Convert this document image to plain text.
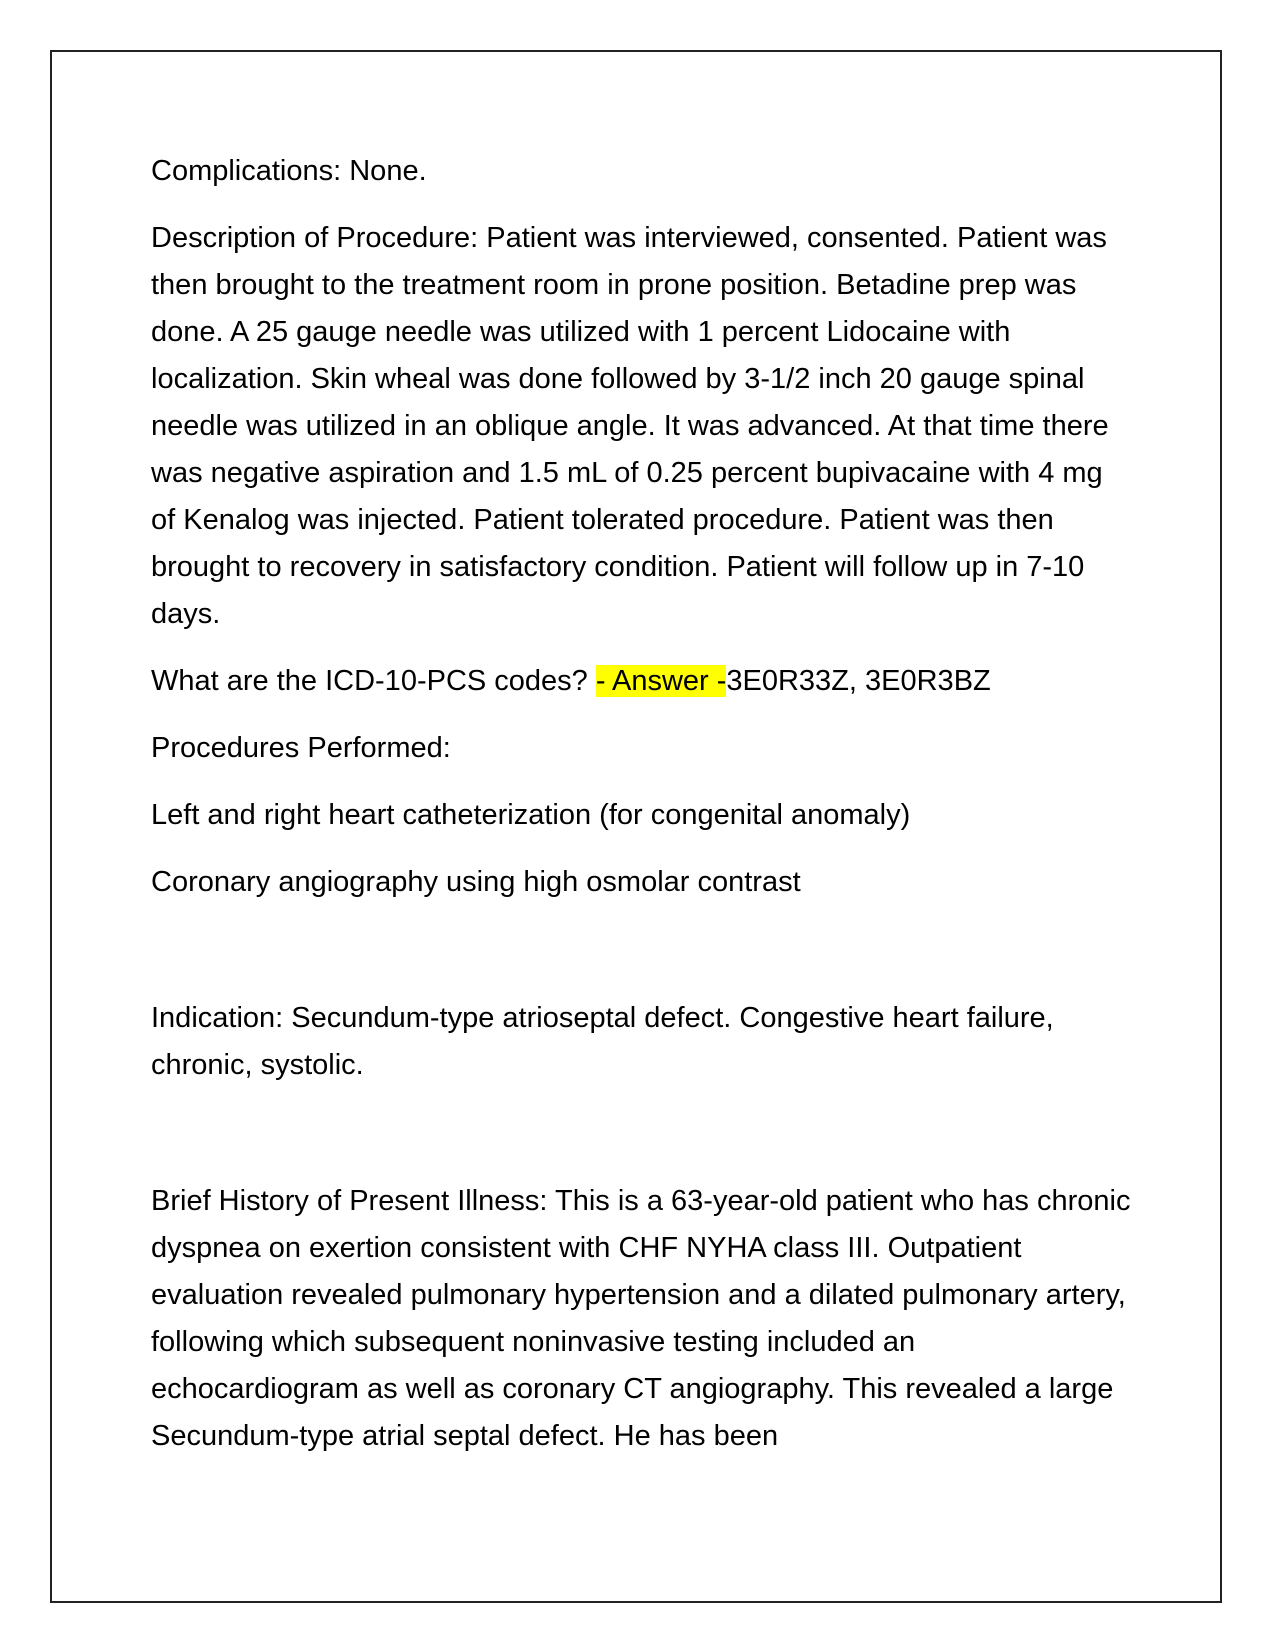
Complications: None.

Description of Procedure: Patient was interviewed, consented. Patient was then brought to the treatment room in prone position. Betadine prep was done. A 25 gauge needle was utilized with 1 percent Lidocaine with localization. Skin wheal was done followed by 3-1/2 inch 20 gauge spinal needle was utilized in an oblique angle. It was advanced. At that time there was negative aspiration and 1.5 mL of 0.25 percent bupivacaine with 4 mg of Kenalog was injected. Patient tolerated procedure. Patient was then brought to recovery in satisfactory condition. Patient will follow up in 7-10 days.

What are the ICD-10-PCS codes? - Answer -3E0R33Z, 3E0R3BZ

Procedures Performed:

Left and right heart catheterization (for congenital anomaly)

Coronary angiography using high osmolar contrast

Indication: Secundum-type atrioseptal defect. Congestive heart failure, chronic, systolic.

Brief History of Present Illness: This is a 63-year-old patient who has chronic dyspnea on exertion consistent with CHF NYHA class III. Outpatient evaluation revealed pulmonary hypertension and a dilated pulmonary artery, following which subsequent noninvasive testing included an echocardiogram as well as coronary CT angiography. This revealed a large Secundum-type atrial septal defect. He has been
